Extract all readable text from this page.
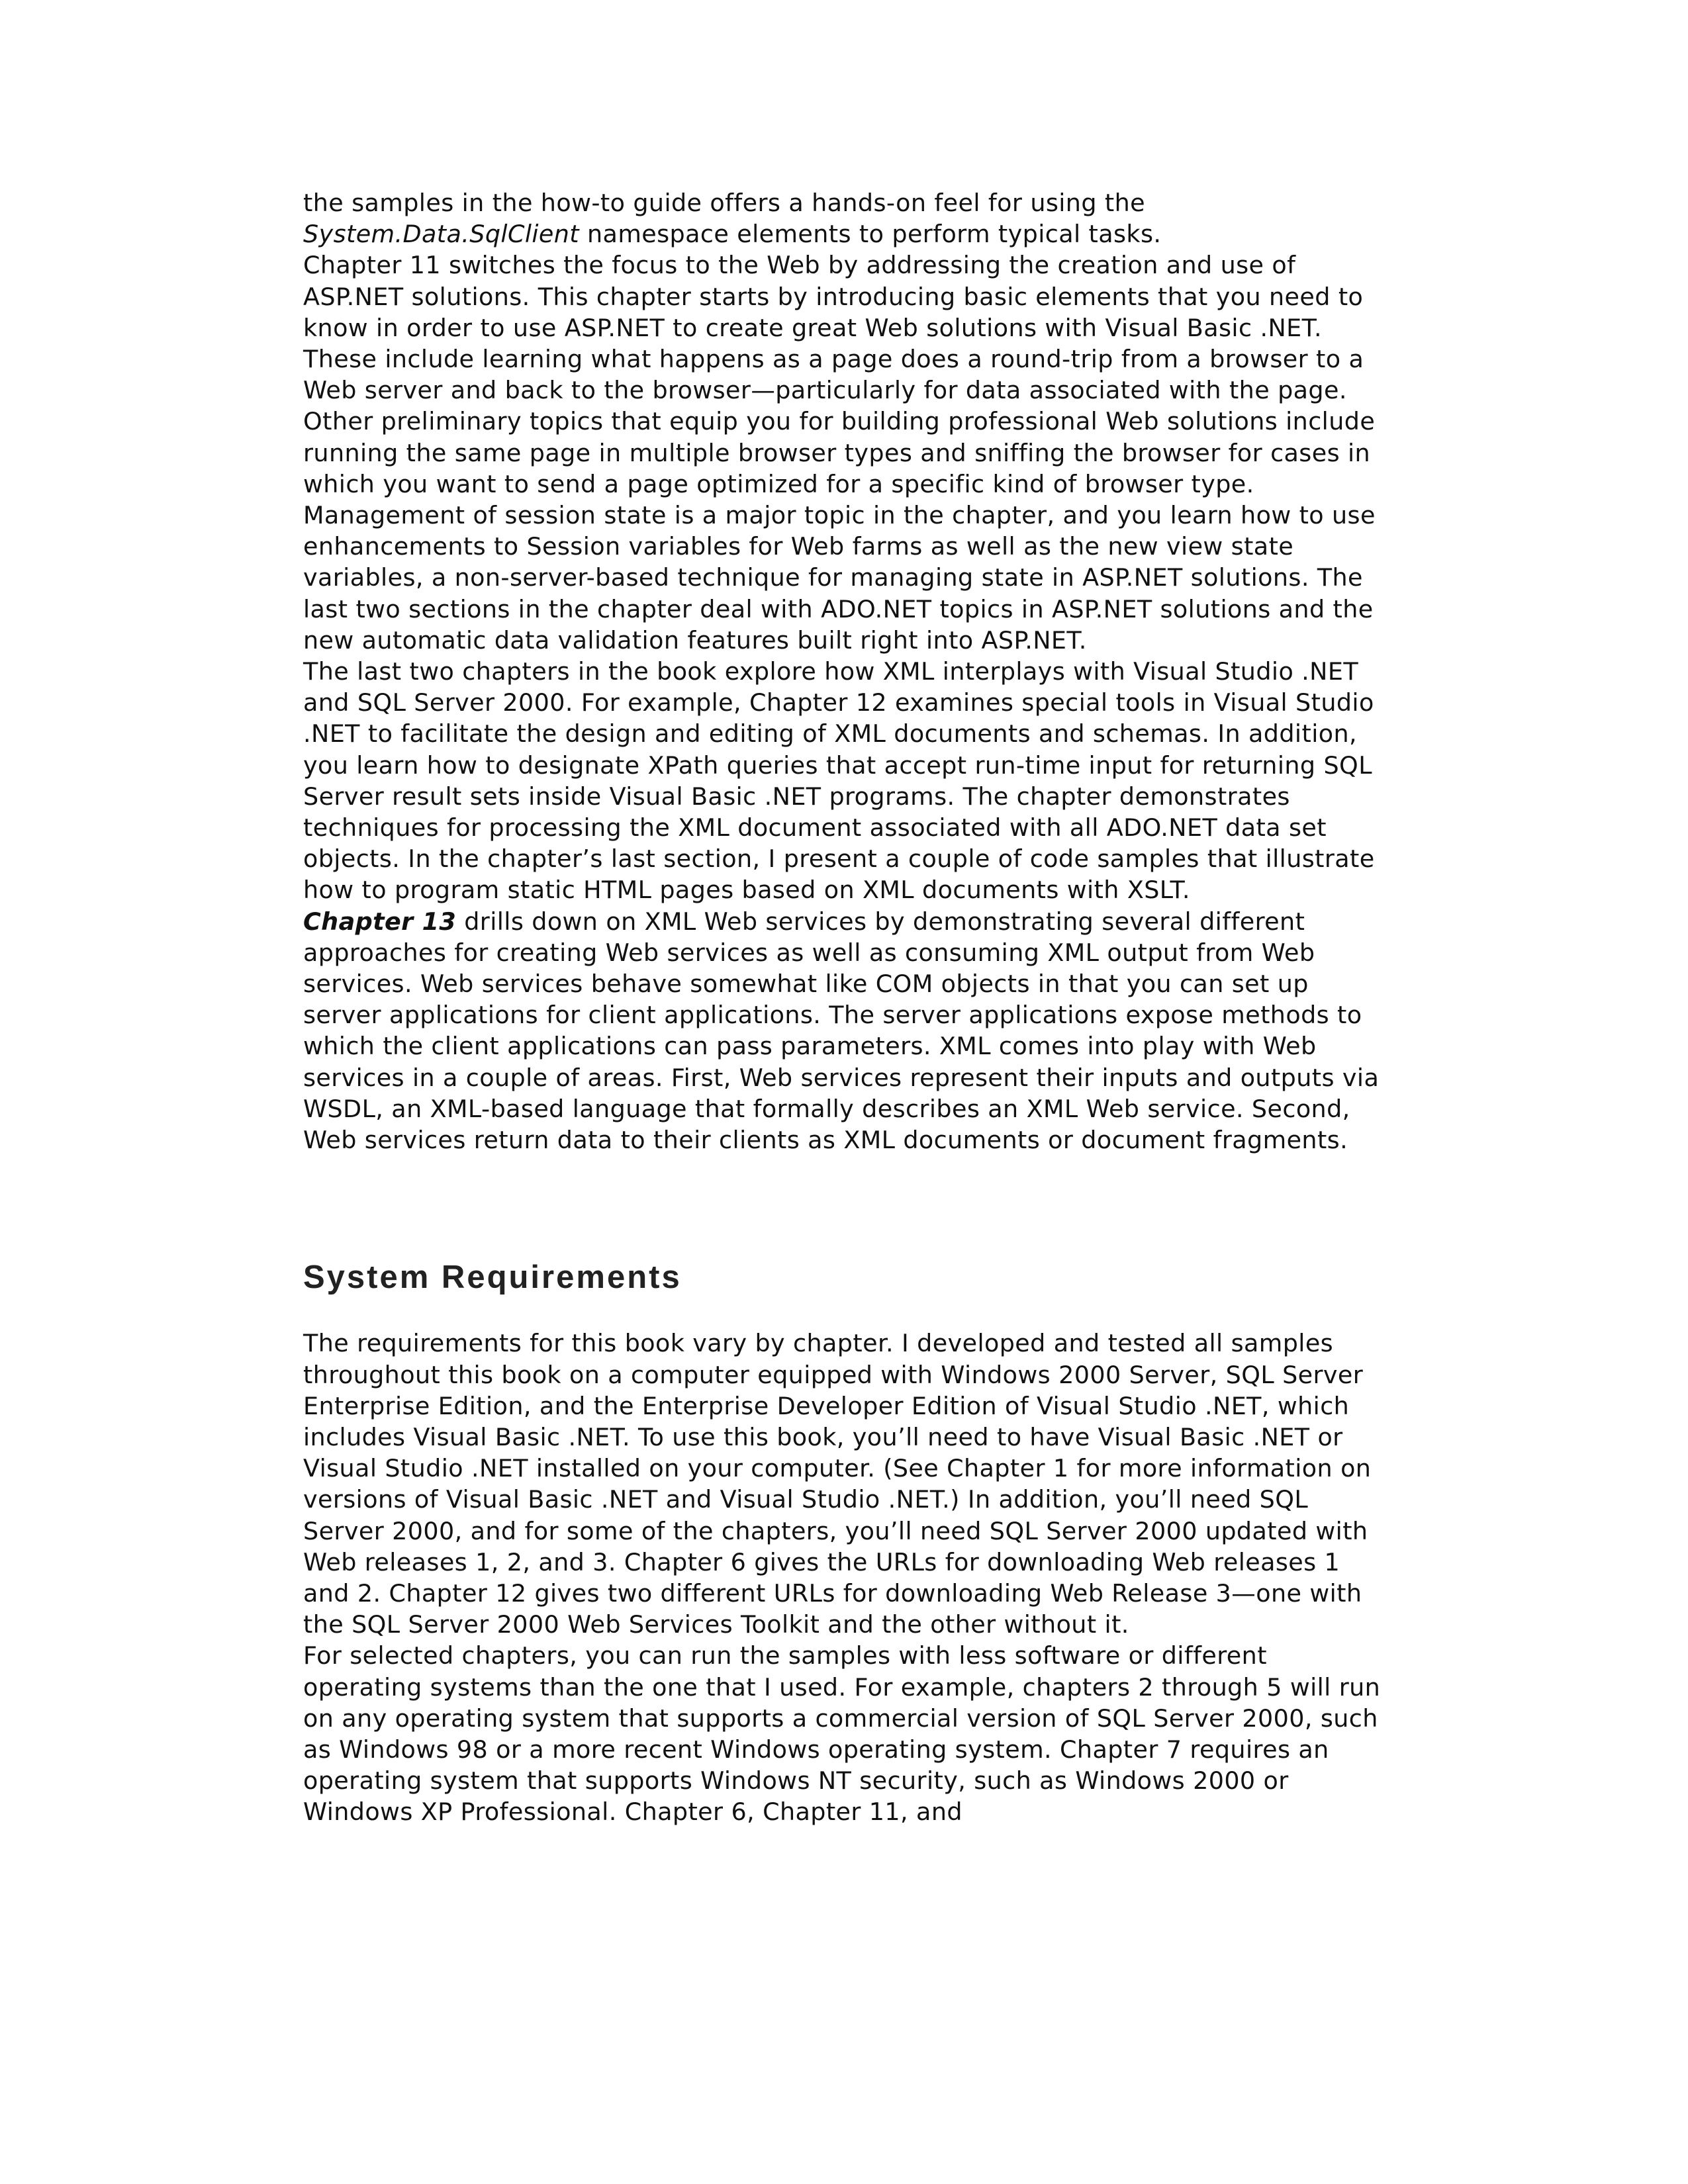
the samples in the how-to guide offers a hands-on feel for using the System.Data.SqlClient namespace elements to perform typical tasks.

Chapter 11 switches the focus to the Web by addressing the creation and use of ASP.NET solutions. This chapter starts by introducing basic elements that you need to know in order to use ASP.NET to create great Web solutions with Visual Basic .NET. These include learning what happens as a page does a round-trip from a browser to a Web server and back to the browser—particularly for data associated with the page. Other preliminary topics that equip you for building professional Web solutions include running the same page in multiple browser types and sniffing the browser for cases in which you want to send a page optimized for a specific kind of browser type. Management of session state is a major topic in the chapter, and you learn how to use enhancements to Session variables for Web farms as well as the new view state variables, a non-server-based technique for managing state in ASP.NET solutions. The last two sections in the chapter deal with ADO.NET topics in ASP.NET solutions and the new automatic data validation features built right into ASP.NET.

The last two chapters in the book explore how XML interplays with Visual Studio .NET and SQL Server 2000. For example, Chapter 12 examines special tools in Visual Studio .NET to facilitate the design and editing of XML documents and schemas. In addition, you learn how to designate XPath queries that accept run-time input for returning SQL Server result sets inside Visual Basic .NET programs. The chapter demonstrates techniques for processing the XML document associated with all ADO.NET data set objects. In the chapter’s last section, I present a couple of code samples that illustrate how to program static HTML pages based on XML documents with XSLT.

Chapter 13 drills down on XML Web services by demonstrating several different approaches for creating Web services as well as consuming XML output from Web services. Web services behave somewhat like COM objects in that you can set up server applications for client applications. The server applications expose methods to which the client applications can pass parameters. XML comes into play with Web services in a couple of areas. First, Web services represent their inputs and outputs via WSDL, an XML-based language that formally describes an XML Web service. Second, Web services return data to their clients as XML documents or document fragments.

System Requirements

The requirements for this book vary by chapter. I developed and tested all samples throughout this book on a computer equipped with Windows 2000 Server, SQL Server Enterprise Edition, and the Enterprise Developer Edition of Visual Studio .NET, which includes Visual Basic .NET. To use this book, you’ll need to have Visual Basic .NET or Visual Studio .NET installed on your computer. (See Chapter 1 for more information on versions of Visual Basic .NET and Visual Studio .NET.) In addition, you’ll need SQL Server 2000, and for some of the chapters, you’ll need SQL Server 2000 updated with Web releases 1, 2, and 3. Chapter 6 gives the URLs for downloading Web releases 1 and 2. Chapter 12 gives two different URLs for downloading Web Release 3—one with the SQL Server 2000 Web Services Toolkit and the other without it.

For selected chapters, you can run the samples with less software or different operating systems than the one that I used. For example, chapters 2 through 5 will run on any operating system that supports a commercial version of SQL Server 2000, such as Windows 98 or a more recent Windows operating system. Chapter 7 requires an operating system that supports Windows NT security, such as Windows 2000 or Windows XP Professional. Chapter 6, Chapter 11, and
